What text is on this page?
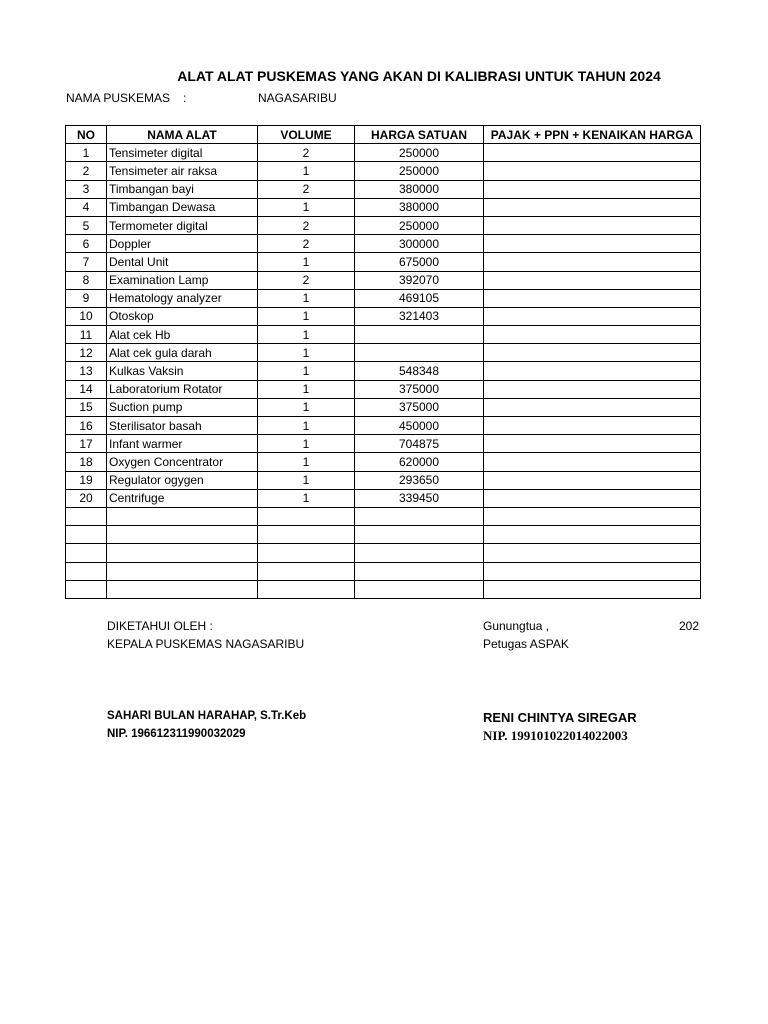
ALAT ALAT PUSKEMAS YANG AKAN DI KALIBRASI UNTUK TAHUN 2024
NAMA PUSKEMAS :	NAGASARIBU
NO	NAMA ALAT	VOLUME	HARGA SATUAN	PAJAK + PPN + KENAIKAN HARGA
1	Tensimeter digital	2	250000	
2	Tensimeter air raksa	1	250000	
3	Timbangan bayi	2	380000	
4	Timbangan Dewasa	1	380000	
5	Termometer digital	2	250000	
6	Doppler	2	300000	
7	Dental Unit	1	675000	
8	Examination Lamp	2	392070	
9	Hematology analyzer	1	469105	
10	Otoskop	1	321403	
11	Alat cek Hb	1		
12	Alat cek gula darah	1		
13	Kulkas Vaksin	1	548348	
14	Laboratorium Rotator	1	375000	
15	Suction pump	1	375000	
16	Sterilisator basah	1	450000	
17	Infant warmer	1	704875	
18	Oxygen Concentrator	1	620000	
19	Regulator ogygen	1	293650	
20	Centrifuge	1	339450	

DIKETAHUI OLEH :
KEPALA PUSKEMAS NAGASARIBU
SAHARI BULAN HARAHAP, S.Tr.Keb
NIP. 196612311990032029
Gunungtua ,	202
Petugas ASPAK
RENI CHINTYA SIREGAR
NIP. 199101022014022003
